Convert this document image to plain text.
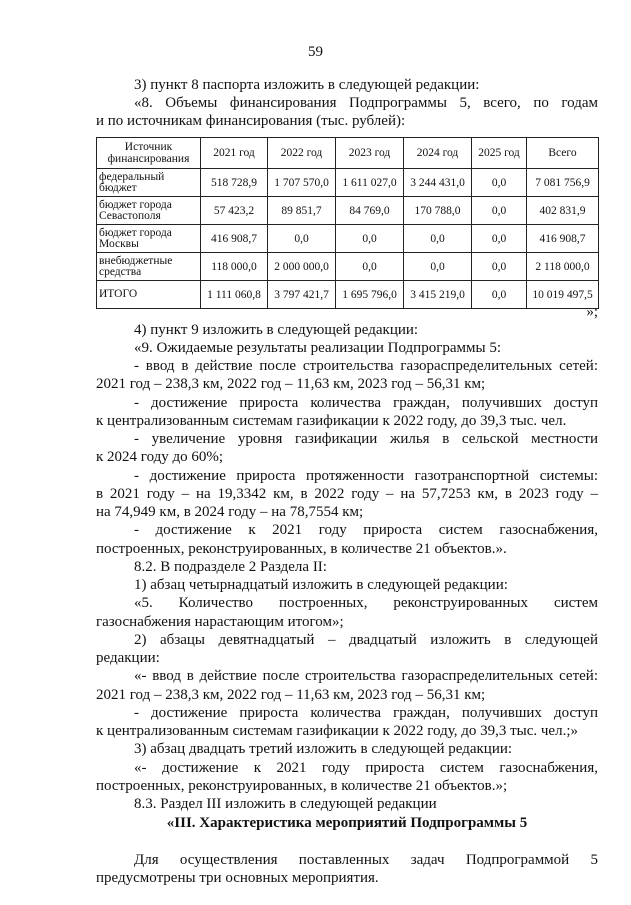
59
3) пункт 8 паспорта изложить в следующей редакции:
«8. Объемы финансирования Подпрограммы 5, всего, по годам
и по источникам финансирования (тыс. рублей):
Источник финансирования	2021 год	2022 год	2023 год	2024 год	2025 год	Всего
федеральный бюджет	518 728,9	1 707 570,0	1 611 027,0	3 244 431,0	0,0	7 081 756,9
бюджет города Севастополя	57 423,2	89 851,7	84 769,0	170 788,0	0,0	402 831,9
бюджет города Москвы	416 908,7	0,0	0,0	0,0	0,0	416 908,7
внебюджетные средства	118 000,0	2 000 000,0	0,0	0,0	0,0	2 118 000,0
ИТОГО	1 111 060,8	3 797 421,7	1 695 796,0	3 415 219,0	0,0	10 019 497,5
»;
4) пункт 9 изложить в следующей редакции:
«9. Ожидаемые результаты реализации Подпрограммы 5:
- ввод в действие после строительства газораспределительных сетей:
2021 год – 238,3 км, 2022 год – 11,63 км, 2023 год – 56,31 км;
- достижение прироста количества граждан, получивших доступ
к централизованным системам газификации к 2022 году, до 39,3 тыс. чел.
- увеличение уровня газификации жилья в сельской местности
к 2024 году до 60%;
- достижение прироста протяженности газотранспортной системы:
в 2021 году – на 19,3342 км, в 2022 году – на 57,7253 км, в 2023 году –
на 74,949 км, в 2024 году – на 78,7554 км;
- достижение к 2021 году прироста систем газоснабжения,
построенных, реконструированных, в количестве 21 объектов.».
8.2. В подразделе 2 Раздела II:
1) абзац четырнадцатый изложить в следующей редакции:
«5. Количество построенных, реконструированных систем
газоснабжения нарастающим итогом»;
2) абзацы девятнадцатый – двадцатый изложить в следующей
редакции:
«- ввод в действие после строительства газораспределительных сетей:
2021 год – 238,3 км, 2022 год – 11,63 км, 2023 год – 56,31 км;
- достижение прироста количества граждан, получивших доступ
к централизованным системам газификации к 2022 году, до 39,3 тыс. чел.;»
3) абзац двадцать третий изложить в следующей редакции:
«- достижение к 2021 году прироста систем газоснабжения,
построенных, реконструированных, в количестве 21 объектов.»;
8.3. Раздел III изложить в следующей редакции
«III. Характеристика мероприятий Подпрограммы 5
Для осуществления поставленных задач Подпрограммой 5
предусмотрены три основных мероприятия.
